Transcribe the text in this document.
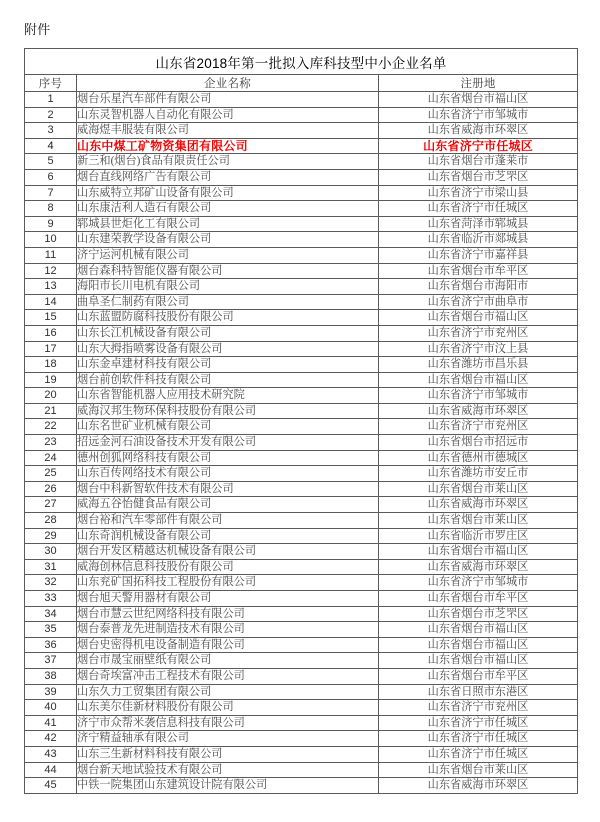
附件
山东省2018年第一批拟入库科技型中小企业名单		
序号	企业名称	注册地
1	烟台乐星汽车部件有限公司	山东省烟台市福山区
2	山东灵智机器人自动化有限公司	山东省济宁市邹城市
3	威海煜丰服装有限公司	山东省威海市环翠区
4	山东中煤工矿物资集团有限公司	山东省济宁市任城区
5	新三和(烟台)食品有限责任公司	山东省烟台市蓬莱市
6	烟台直线网络广告有限公司	山东省烟台市芝罘区
7	山东威特立邦矿山设备有限公司	山东省济宁市梁山县
8	山东康洁利人造石有限公司	山东省济宁市任城区
9	郓城县世炬化工有限公司	山东省菏泽市郓城县
10	山东建荣教学设备有限公司	山东省临沂市郯城县
11	济宁运河机械有限公司	山东省济宁市嘉祥县
12	烟台森科特智能仪器有限公司	山东省烟台市牟平区
13	海阳市长川电机有限公司	山东省烟台市海阳市
14	曲阜圣仁制药有限公司	山东省济宁市曲阜市
15	山东蓝盟防腐科技股份有限公司	山东省烟台市福山区
16	山东长江机械设备有限公司	山东省济宁市兖州区
17	山东大拇指喷雾设备有限公司	山东省济宁市汶上县
18	山东金卓建材科技有限公司	山东省潍坊市昌乐县
19	烟台前创软件科技有限公司	山东省烟台市福山区
20	山东省智能机器人应用技术研究院	山东省济宁市邹城市
21	威海汉邦生物环保科技股份有限公司	山东省威海市环翠区
22	山东名世矿业机械有限公司	山东省济宁市兖州区
23	招远金河石油设备技术开发有限公司	山东省烟台市招远市
24	德州创狐网络科技有限公司	山东省德州市德城区
25	山东百传网络技术有限公司	山东省潍坊市安丘市
26	烟台中科新智软件技术有限公司	山东省烟台市莱山区
27	威海五谷怡健食品有限公司	山东省威海市环翠区
28	烟台裕和汽车零部件有限公司	山东省烟台市莱山区
29	山东奇润机械设备有限公司	山东省临沂市罗庄区
30	烟台开发区精越达机械设备有限公司	山东省烟台市福山区
31	威海创林信息科技股份有限公司	山东省威海市环翠区
32	山东兖矿国拓科技工程股份有限公司	山东省济宁市邹城市
33	烟台旭天警用器材有限公司	山东省烟台市牟平区
34	烟台市慧云世纪网络科技有限公司	山东省烟台市芝罘区
35	烟台泰普龙先进制造技术有限公司	山东省烟台市福山区
36	烟台史密得机电设备制造有限公司	山东省烟台市福山区
37	烟台市晟宝丽壁纸有限公司	山东省烟台市福山区
38	烟台奇埃富冲击工程技术有限公司	山东省烟台市牟平区
39	山东久力工贸集团有限公司	山东省日照市东港区
40	山东美尔佳新材料股份有限公司	山东省济宁市兖州区
41	济宁市众帮米袭信息科技有限公司	山东省济宁市任城区
42	济宁精益轴承有限公司	山东省济宁市任城区
43	山东三生新材料科技有限公司	山东省济宁市任城区
44	烟台新天地试验技术有限公司	山东省烟台市莱山区
45	中铁一院集团山东建筑设计院有限公司	山东省威海市环翠区
